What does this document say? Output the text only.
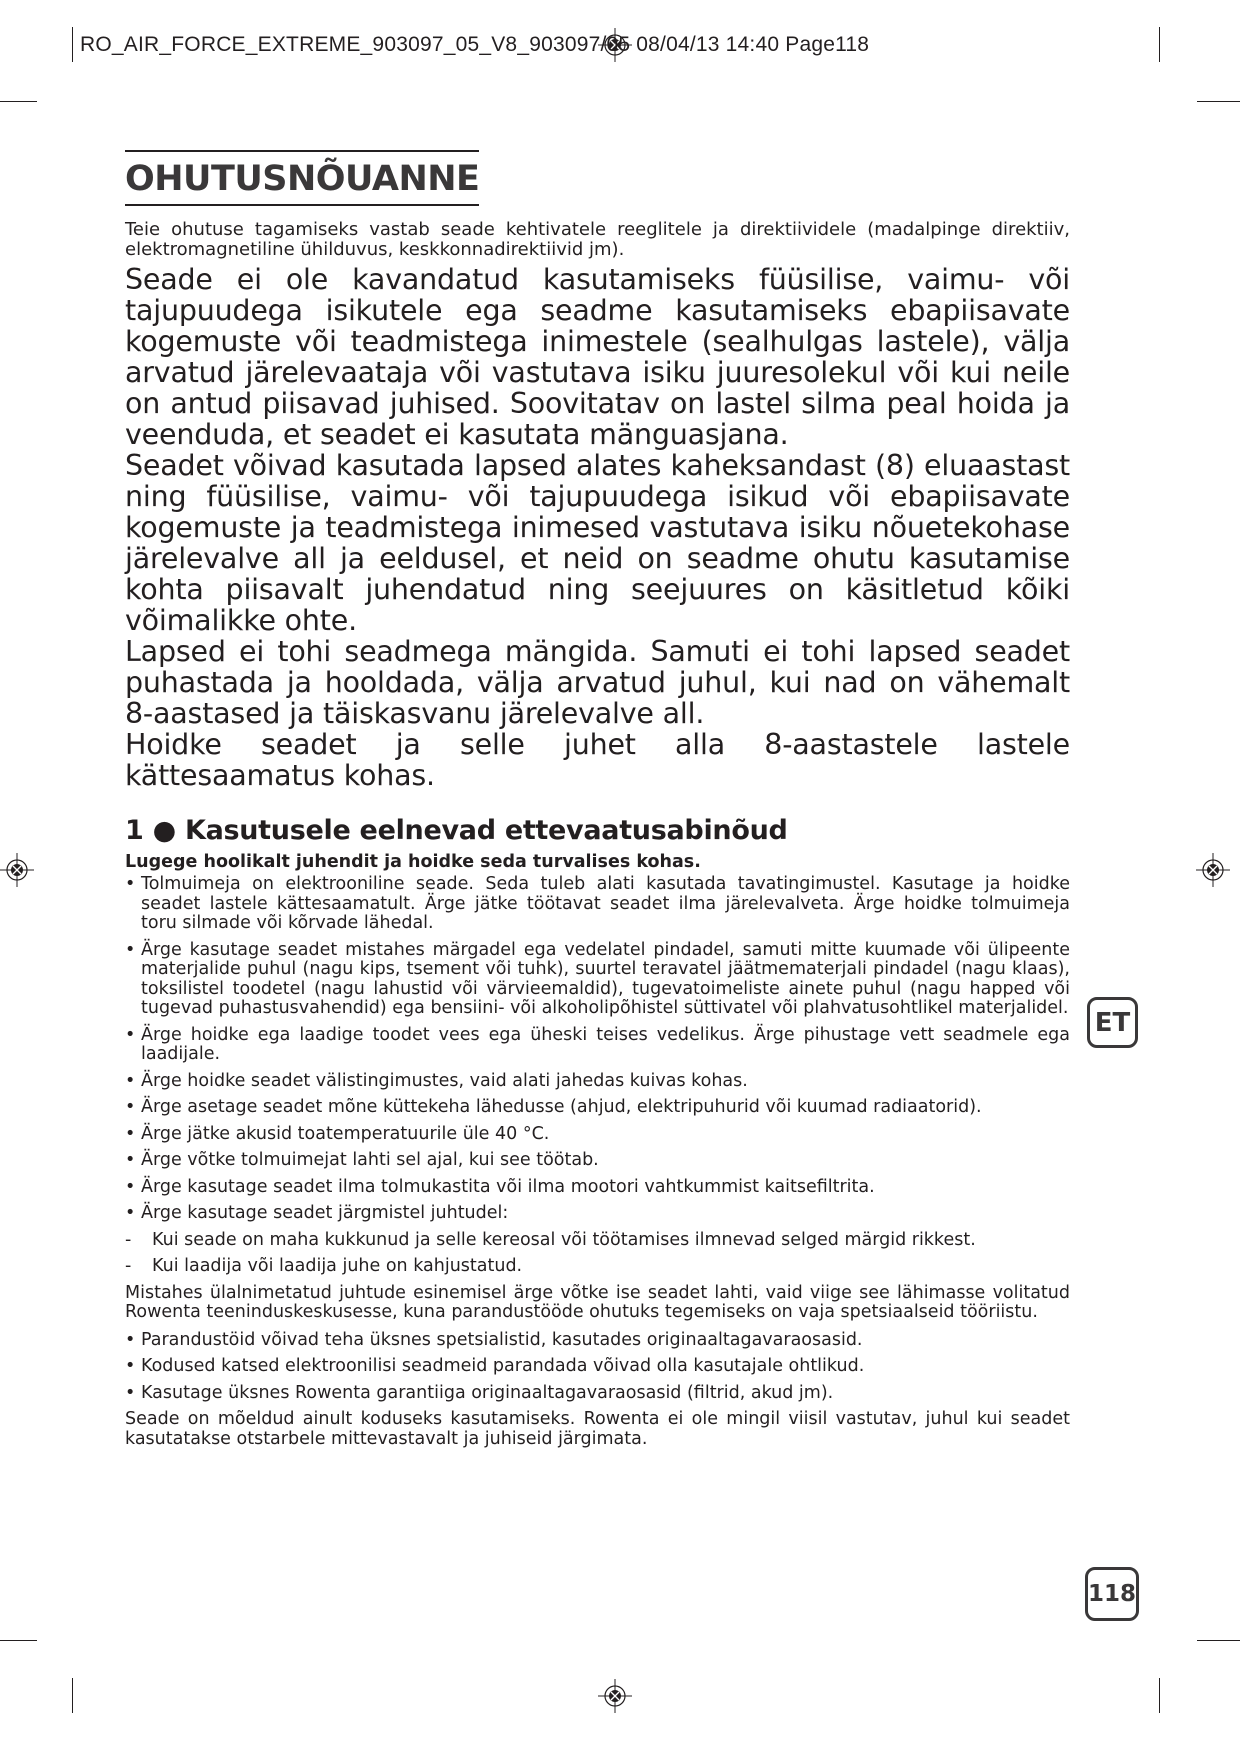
RO_AIR_FORCE_EXTREME_903097_05_V8_903097/05 08/04/13 14:40 Page118
OHUTUSNÕUANNE

Teie ohutuse tagamiseks vastab seade kehtivatele reeglitele ja direktiividele (madalpinge direktiiv, elektromagnetiline ühilduvus, keskkonnadirektiivid jm).

Seade ei ole kavandatud kasutamiseks füüsilise, vaimu- või tajupuudega isikutele ega seadme kasutamiseks ebapiisavate kogemuste või teadmistega inimestele (sealhulgas lastele), välja arvatud järelevaataja või vastutava isiku juuresolekul või kui neile on antud piisavad juhised. Soovitatav on lastel silma peal hoida ja veenduda, et seadet ei kasutata mänguasjana.

Seadet võivad kasutada lapsed alates kaheksandast (8) eluaastast ning füüsilise, vaimu- või tajupuudega isikud või ebapiisavate kogemuste ja teadmistega inimesed vastutava isiku nõuetekohase järelevalve all ja eeldusel, et neid on seadme ohutu kasutamise kohta piisavalt juhendatud ning seejuures on käsitletud kõiki võimalikke ohte.

Lapsed ei tohi seadmega mängida. Samuti ei tohi lapsed seadet puhastada ja hooldada, välja arvatud juhul, kui nad on vähemalt 8-aastased ja täiskasvanu järelevalve all.

Hoidke seadet ja selle juhet alla 8-aastastele lastele kättesaamatus kohas.

1 ● Kasutusele eelnevad ettevaatusabinõud
Lugege hoolikalt juhendit ja hoidke seda turvalises kohas.
• Tolmuimeja on elektrooniline seade. Seda tuleb alati kasutada tavatingimustel. Kasutage ja hoidke seadet lastele kättesaamatult. Ärge jätke töötavat seadet ilma järelevalveta. Ärge hoidke tolmuimeja toru silmade või kõrvade lähedal.
• Ärge kasutage seadet mistahes märgadel ega vedelatel pindadel, samuti mitte kuumade või ülipeente materjalide puhul (nagu kips, tsement või tuhk), suurtel teravatel jäätmematerjali pindadel (nagu klaas), toksilistel toodetel (nagu lahustid või värvieemaldid), tugevatoimeliste ainete puhul (nagu happed või tugevad puhastusvahendid) ega bensiini- või alkoholipõhistel süttivatel või plahvatusohtlikel materjalidel.
• Ärge hoidke ega laadige toodet vees ega üheski teises vedelikus. Ärge pihustage vett seadmele ega laadijale.
• Ärge hoidke seadet välistingimustes, vaid alati jahedas kuivas kohas.
• Ärge asetage seadet mõne küttekeha lähedusse (ahjud, elektripuhurid või kuumad radiaatorid).
• Ärge jätke akusid toatemperatuurile üle 40 °C.
• Ärge võtke tolmuimejat lahti sel ajal, kui see töötab.
• Ärge kasutage seadet ilma tolmukastita või ilma mootori vahtkummist kaitsefiltrita.
• Ärge kasutage seadet järgmistel juhtudel:
- Kui seade on maha kukkunud ja selle kereosal või töötamises ilmnevad selged märgid rikkest.
- Kui laadija või laadija juhe on kahjustatud.

Mistahes ülalnimetatud juhtude esinemisel ärge võtke ise seadet lahti, vaid viige see lähimasse volitatud Rowenta teeninduskeskusesse, kuna parandustööde ohutuks tegemiseks on vaja spetsiaalseid tööriistu.

• Parandustöid võivad teha üksnes spetsialistid, kasutades originaaltagavaraosasid.
• Kodused katsed elektroonilisi seadmeid parandada võivad olla kasutajale ohtlikud.
• Kasutage üksnes Rowenta garantiiga originaaltagavaraosasid (filtrid, akud jm).

Seade on mõeldud ainult koduseks kasutamiseks. Rowenta ei ole mingil viisil vastutav, juhul kui seadet kasutatakse otstarbele mittevastavalt ja juhiseid järgimata.

ET
118
